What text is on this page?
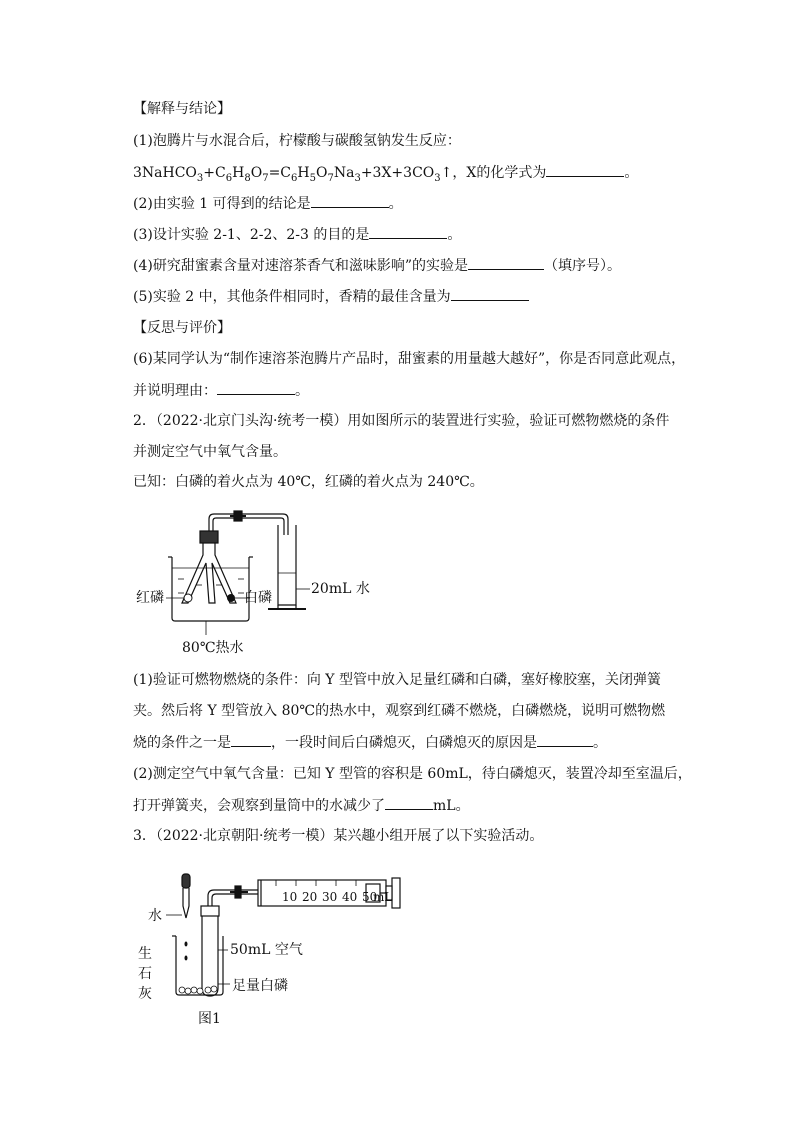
【解释与结论】
(1)泡腾片与水混合后，柠檬酸与碳酸氢钠发生反应：
$3NaHCO_3+C_6H_8O_7=C_6H_5O_7Na_3+3X+3CO_3↑$，X的化学式为	。
(2)由实验 1 可得到的结论是	。
(3)设计实验 2-1、2-2、2-3 的目的是	。
(4)研究甜蜜素含量对速溶茶香气和滋味影响”的实验是	（填序号）。
(5)实验 2 中，其他条件相同时，香精的最佳含量为
【反思与评价】
(6)某同学认为“制作速溶茶泡腾片产品时，甜蜜素的用量越大越好”，你是否同意此观点，
并说明理由：	。
2．（2022·北京门头沟·统考一模）用如图所示的装置进行实验，验证可燃物燃烧的条件
并测定空气中氧气含量。
已知：白磷的着火点为 40℃，红磷的着火点为 240℃。
红磷	白磷
20mL 水
80℃热水
(1)验证可燃物燃烧的条件：向 Y 型管中放入足量红磷和白磷，塞好橡胶塞，关闭弹簧
夹。然后将 Y 型管放入 80℃的热水中，观察到红磷不燃烧，白磷燃烧，说明可燃物燃
烧的条件之一是	，一段时间后白磷熄灭，白磷熄灭的原因是	。
(2)测定空气中氧气含量：已知 Y 型管的容积是 60mL，待白磷熄灭，装置冷却至室温后，
打开弹簧夹，会观察到量筒中的水减少了	mL。
3．（2022·北京朝阳·统考一模）某兴趣小组开展了以下实验活动。
10 20 30 40 50
mL
水
50mL 空气
生
石
灰	足量白磷
图1
